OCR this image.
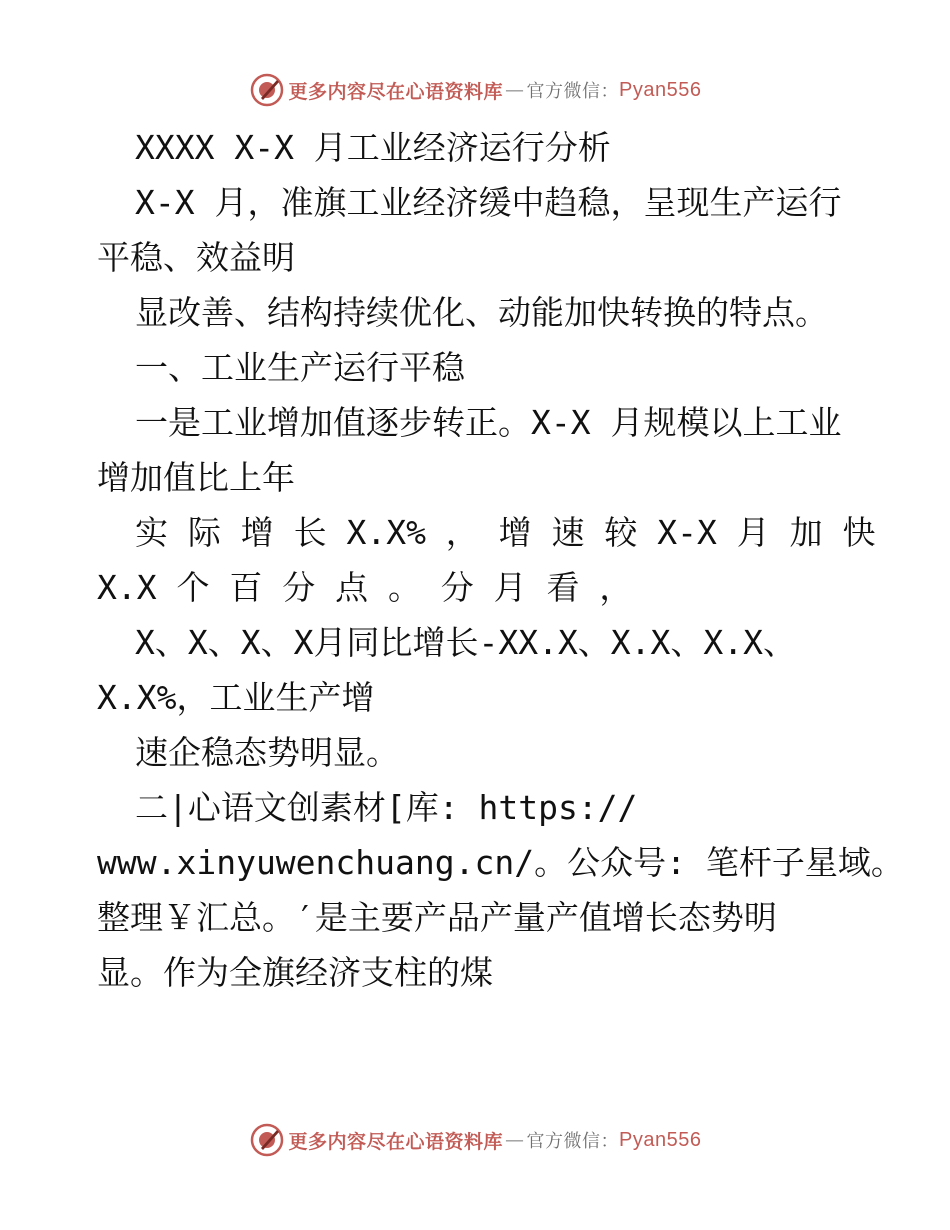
更多内容尽在心语资料库 — 官方微信： Pyan556
XXXX X-X 月工业经济运行分析
X-X 月，准旗工业经济缓中趋稳，呈现生产运行
平稳、效益明
显改善、结构持续优化、动能加快转换的特点。
一、工业生产运行平稳
一是工业增加值逐步转正。X-X 月规模以上工业
增加值比上年
实 际 增 长 X.X% ， 增 速 较 X-X 月 加 快
X.X 个 百 分 点 。 分 月 看 ，
X、X、X、X月同比增长-XX.X、X.X、X.X、
X.X%，工业生产增
速企稳态势明显。
二|心语文创素材[库: https://
www.xinyuwenchuang.cn/。公众号: 笔杆子星域。
整理￥汇总。′是主要产品产量产值增长态势明
显。作为全旗经济支柱的煤
更多内容尽在心语资料库 — 官方微信： Pyan556
